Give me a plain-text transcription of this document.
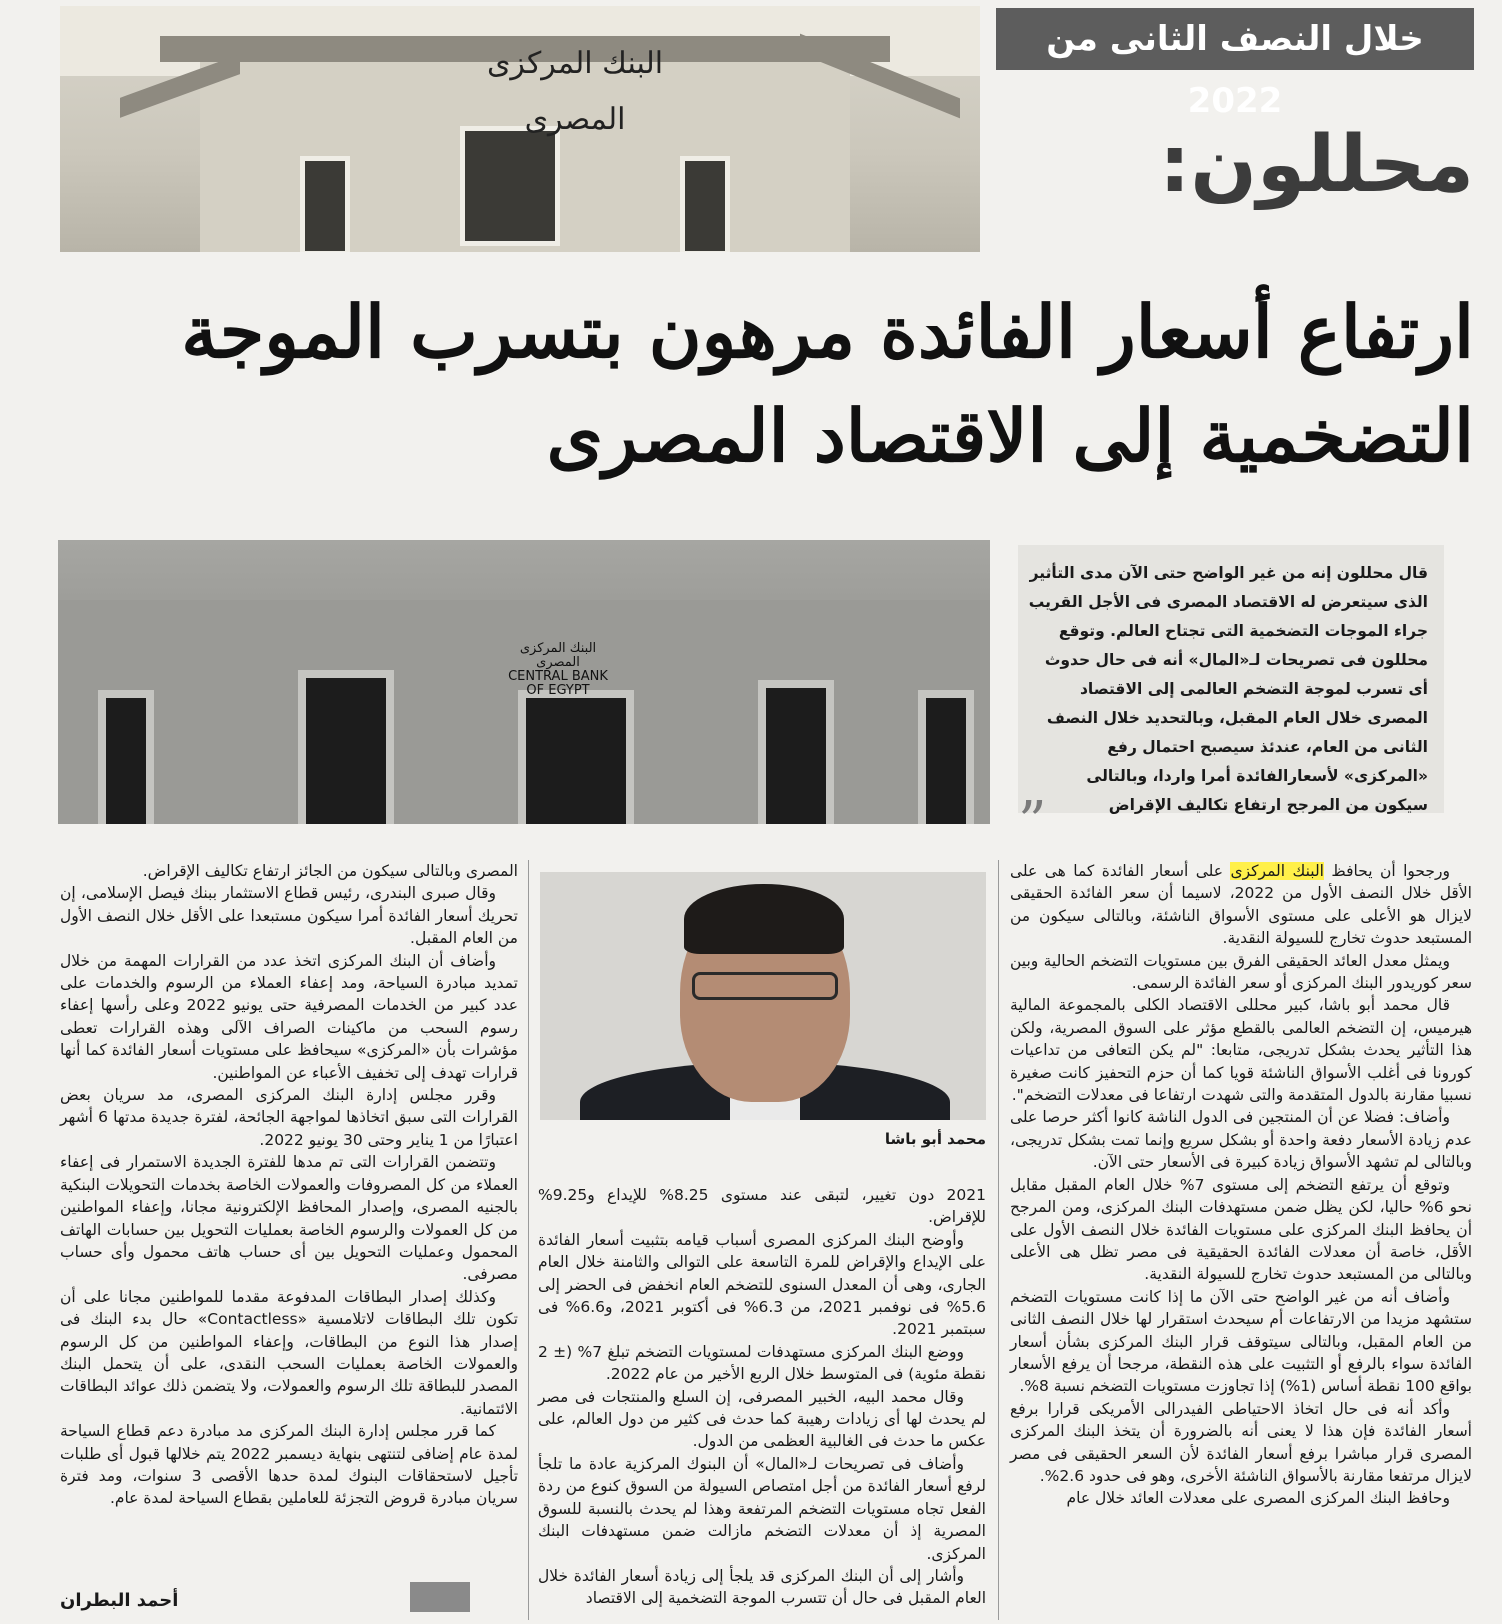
البنك المركزى المصرى
خلال النصف الثانى من 2022
محللون:
ارتفاع أسعار الفائدة مرهون بتسرب الموجة
التضخمية إلى الاقتصاد المصرى
البنك المركزى المصرى
CENTRAL BANK OF EGYPT
قال محللون إنه من غير الواضح حتى الآن مدى التأثير الذى سيتعرض له الاقتصاد المصرى فى الأجل القريب جراء الموجات التضخمية التى تجتاح العالم. وتوقع محللون فى تصريحات لـ«المال» أنه فى حال حدوث أى تسرب لموجة التضخم العالمى إلى الاقتصاد المصرى خلال العام المقبل، وبالتحديد خلال النصف الثانى من العام، عندئذ سيصبح احتمال رفع «المركزى» لأسعارالفائدة أمرا واردا، وبالتالى سيكون من المرجح ارتفاع تكاليف الإقراض
”
محمد أبو باشا

ورجحوا أن يحافظ البنك المركزى على أسعار الفائدة كما هى على الأقل خلال النصف الأول من 2022، لاسيما أن سعر الفائدة الحقيقى لايزال هو الأعلى على مستوى الأسواق الناشئة، وبالتالى سيكون من المستبعد حدوث تخارج للسيولة النقدية.

ويمثل معدل العائد الحقيقى الفرق بين مستويات التضخم الحالية وبين سعر كوريدور البنك المركزى أو سعر الفائدة الرسمى.

قال محمد أبو باشا، كبير محللى الاقتصاد الكلى بالمجموعة المالية هيرميس، إن التضخم العالمى بالقطع مؤثر على السوق المصرية، ولكن هذا التأثير يحدث بشكل تدريجى، متابعا: "لم يكن التعافى من تداعيات كورونا فى أغلب الأسواق الناشئة قويا كما أن حزم التحفيز كانت صغيرة نسبيا مقارنة بالدول المتقدمة والتى شهدت ارتفاعا فى معدلات التضخم".

وأضاف: فضلا عن أن المنتجين فى الدول الناشة كانوا أكثر حرصا على عدم زيادة الأسعار دفعة واحدة أو بشكل سريع وإنما تمت بشكل تدريجى، وبالتالى لم تشهد الأسواق زيادة كبيرة فى الأسعار حتى الآن.

وتوقع أن يرتفع التضخم إلى مستوى 7% خلال العام المقبل مقابل نحو 6% حاليا، لكن يظل ضمن مستهدفات البنك المركزى، ومن المرجح أن يحافظ البنك المركزى على مستويات الفائدة خلال النصف الأول على الأقل، خاصة أن معدلات الفائدة الحقيقية فى مصر تظل هى الأعلى وبالتالى من المستبعد حدوث تخارج للسيولة النقدية.

وأضاف أنه من غير الواضح حتى الآن ما إذا كانت مستويات التضخم ستشهد مزيدا من الارتفاعات أم سيحدث استقرار لها خلال النصف الثانى من العام المقبل، وبالتالى سيتوقف قرار البنك المركزى بشأن أسعار الفائدة سواء بالرفع أو التثبيت على هذه النقطة، مرجحا أن يرفع الأسعار بواقع 100 نقطة أساس (1%) إذا تجاوزت مستويات التضخم نسبة 8%.

وأكد أنه فى حال اتخاذ الاحتياطى الفيدرالى الأمريكى قرارا برفع أسعار الفائدة فإن هذا لا يعنى أنه بالضرورة أن يتخذ البنك المركزى المصرى قرار مباشرا برفع أسعار الفائدة لأن السعر الحقيقى فى مصر لايزال مرتفعا مقارنة بالأسواق الناشئة الأخرى، وهو فى حدود 2.6%.

وحافظ البنك المركزى المصرى على معدلات العائد خلال عام

2021 دون تغيير، لتبقى عند مستوى 8.25% للإيداع و9.25% للإقراض.

وأوضح البنك المركزى المصرى أسباب قيامه بتثبيت أسعار الفائدة على الإيداع والإقراض للمرة التاسعة على التوالى والثامنة خلال العام الجارى، وهى أن المعدل السنوى للتضخم العام انخفض فى الحضر إلى 5.6% فى نوفمبر 2021، من 6.3% فى أكتوبر 2021، و6.6% فى سبتمبر 2021.

ووضع البنك المركزى مستهدفات لمستويات التضخم تبلغ 7% (± 2 نقطة مئوية) فى المتوسط خلال الربع الأخير من عام 2022.

وقال محمد البيه، الخبير المصرفى، إن السلع والمنتجات فى مصر لم يحدث لها أى زيادات رهيبة كما حدث فى كثير من دول العالم، على عكس ما حدث فى الغالبية العظمى من الدول.

وأضاف فى تصريحات لـ«المال» أن البنوك المركزية عادة ما تلجأ لرفع أسعار الفائدة من أجل امتصاص السيولة من السوق كنوع من ردة الفعل تجاه مستويات التضخم المرتفعة وهذا لم يحدث بالنسبة للسوق المصرية إذ أن معدلات التضخم مازالت ضمن مستهدفات البنك المركزى.

وأشار إلى أن البنك المركزى قد يلجأ إلى زيادة أسعار الفائدة خلال العام المقبل فى حال أن تتسرب الموجة التضخمية إلى الاقتصاد

المصرى وبالتالى سيكون من الجائز ارتفاع تكاليف الإقراض.

وقال صبرى البندرى، رئيس قطاع الاستثمار ببنك فيصل الإسلامى، إن تحريك أسعار الفائدة أمرا سيكون مستبعدا على الأقل خلال النصف الأول من العام المقبل.

وأضاف أن البنك المركزى اتخذ عدد من القرارات المهمة من خلال تمديد مبادرة السياحة، ومد إعفاء العملاء من الرسوم والخدمات على عدد كبير من الخدمات المصرفية حتى يونيو 2022 وعلى رأسها إعفاء رسوم السحب من ماكينات الصراف الآلى وهذه القرارات تعطى مؤشرات بأن «المركزى» سيحافظ على مستويات أسعار الفائدة كما أنها قرارات تهدف إلى تخفيف الأعباء عن المواطنين.

وقرر مجلس إدارة البنك المركزى المصرى، مد سريان بعض القرارات التى سبق اتخاذها لمواجهة الجائحة، لفترة جديدة مدتها 6 أشهر اعتبارًا من 1 يناير وحتى 30 يونيو 2022.

وتتضمن القرارات التى تم مدها للفترة الجديدة الاستمرار فى إعفاء العملاء من كل المصروفات والعمولات الخاصة بخدمات التحويلات البنكية بالجنيه المصرى، وإصدار المحافظ الإلكترونية مجانا، وإعفاء المواطنين من كل العمولات والرسوم الخاصة بعمليات التحويل بين حسابات الهاتف المحمول وعمليات التحويل بين أى حساب هاتف محمول وأى حساب مصرفى.

وكذلك إصدار البطاقات المدفوعة مقدما للمواطنين مجانا على أن تكون تلك البطاقات لاتلامسية «Contactless» حال بدء البنك فى إصدار هذا النوع من البطاقات، وإعفاء المواطنين من كل الرسوم والعمولات الخاصة بعمليات السحب النقدى، على أن يتحمل البنك المصدر للبطاقة تلك الرسوم والعمولات، ولا يتضمن ذلك عوائد البطاقات الائتمانية.

كما قرر مجلس إدارة البنك المركزى مد مبادرة دعم قطاع السياحة لمدة عام إضافى لتنتهى بنهاية ديسمبر 2022 يتم خلالها قبول أى طلبات تأجيل لاستحقاقات البنوك لمدة حدها الأقصى 3 سنوات، ومد فترة سريان مبادرة قروض التجزئة للعاملين بقطاع السياحة لمدة عام.

أحمد البطران
